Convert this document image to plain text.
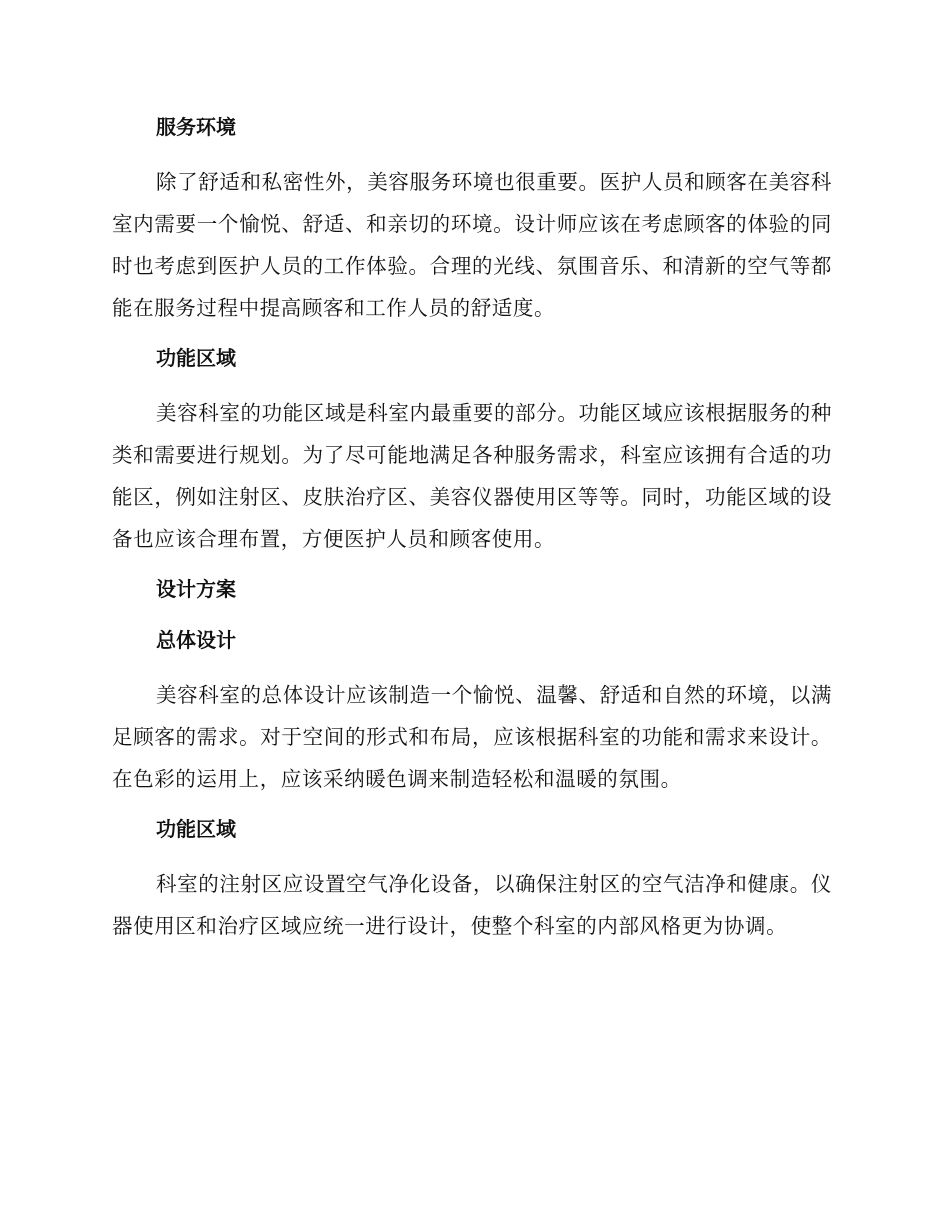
服务环境

除了舒适和私密性外，美容服务环境也很重要。医护人员和顾客在美容科室内需要一个愉悦、舒适、和亲切的环境。设计师应该在考虑顾客的体验的同时也考虑到医护人员的工作体验。合理的光线、氛围音乐、和清新的空气等都能在服务过程中提高顾客和工作人员的舒适度。

功能区域

美容科室的功能区域是科室内最重要的部分。功能区域应该根据服务的种类和需要进行规划。为了尽可能地满足各种服务需求，科室应该拥有合适的功能区，例如注射区、皮肤治疗区、美容仪器使用区等等。同时，功能区域的设备也应该合理布置，方便医护人员和顾客使用。

设计方案
总体设计

美容科室的总体设计应该制造一个愉悦、温馨、舒适和自然的环境，以满足顾客的需求。对于空间的形式和布局，应该根据科室的功能和需求来设计。在色彩的运用上，应该采纳暖色调来制造轻松和温暖的氛围。

功能区域

科室的注射区应设置空气净化设备，以确保注射区的空气洁净和健康。仪器使用区和治疗区域应统一进行设计，使整个科室的内部风格更为协调。
